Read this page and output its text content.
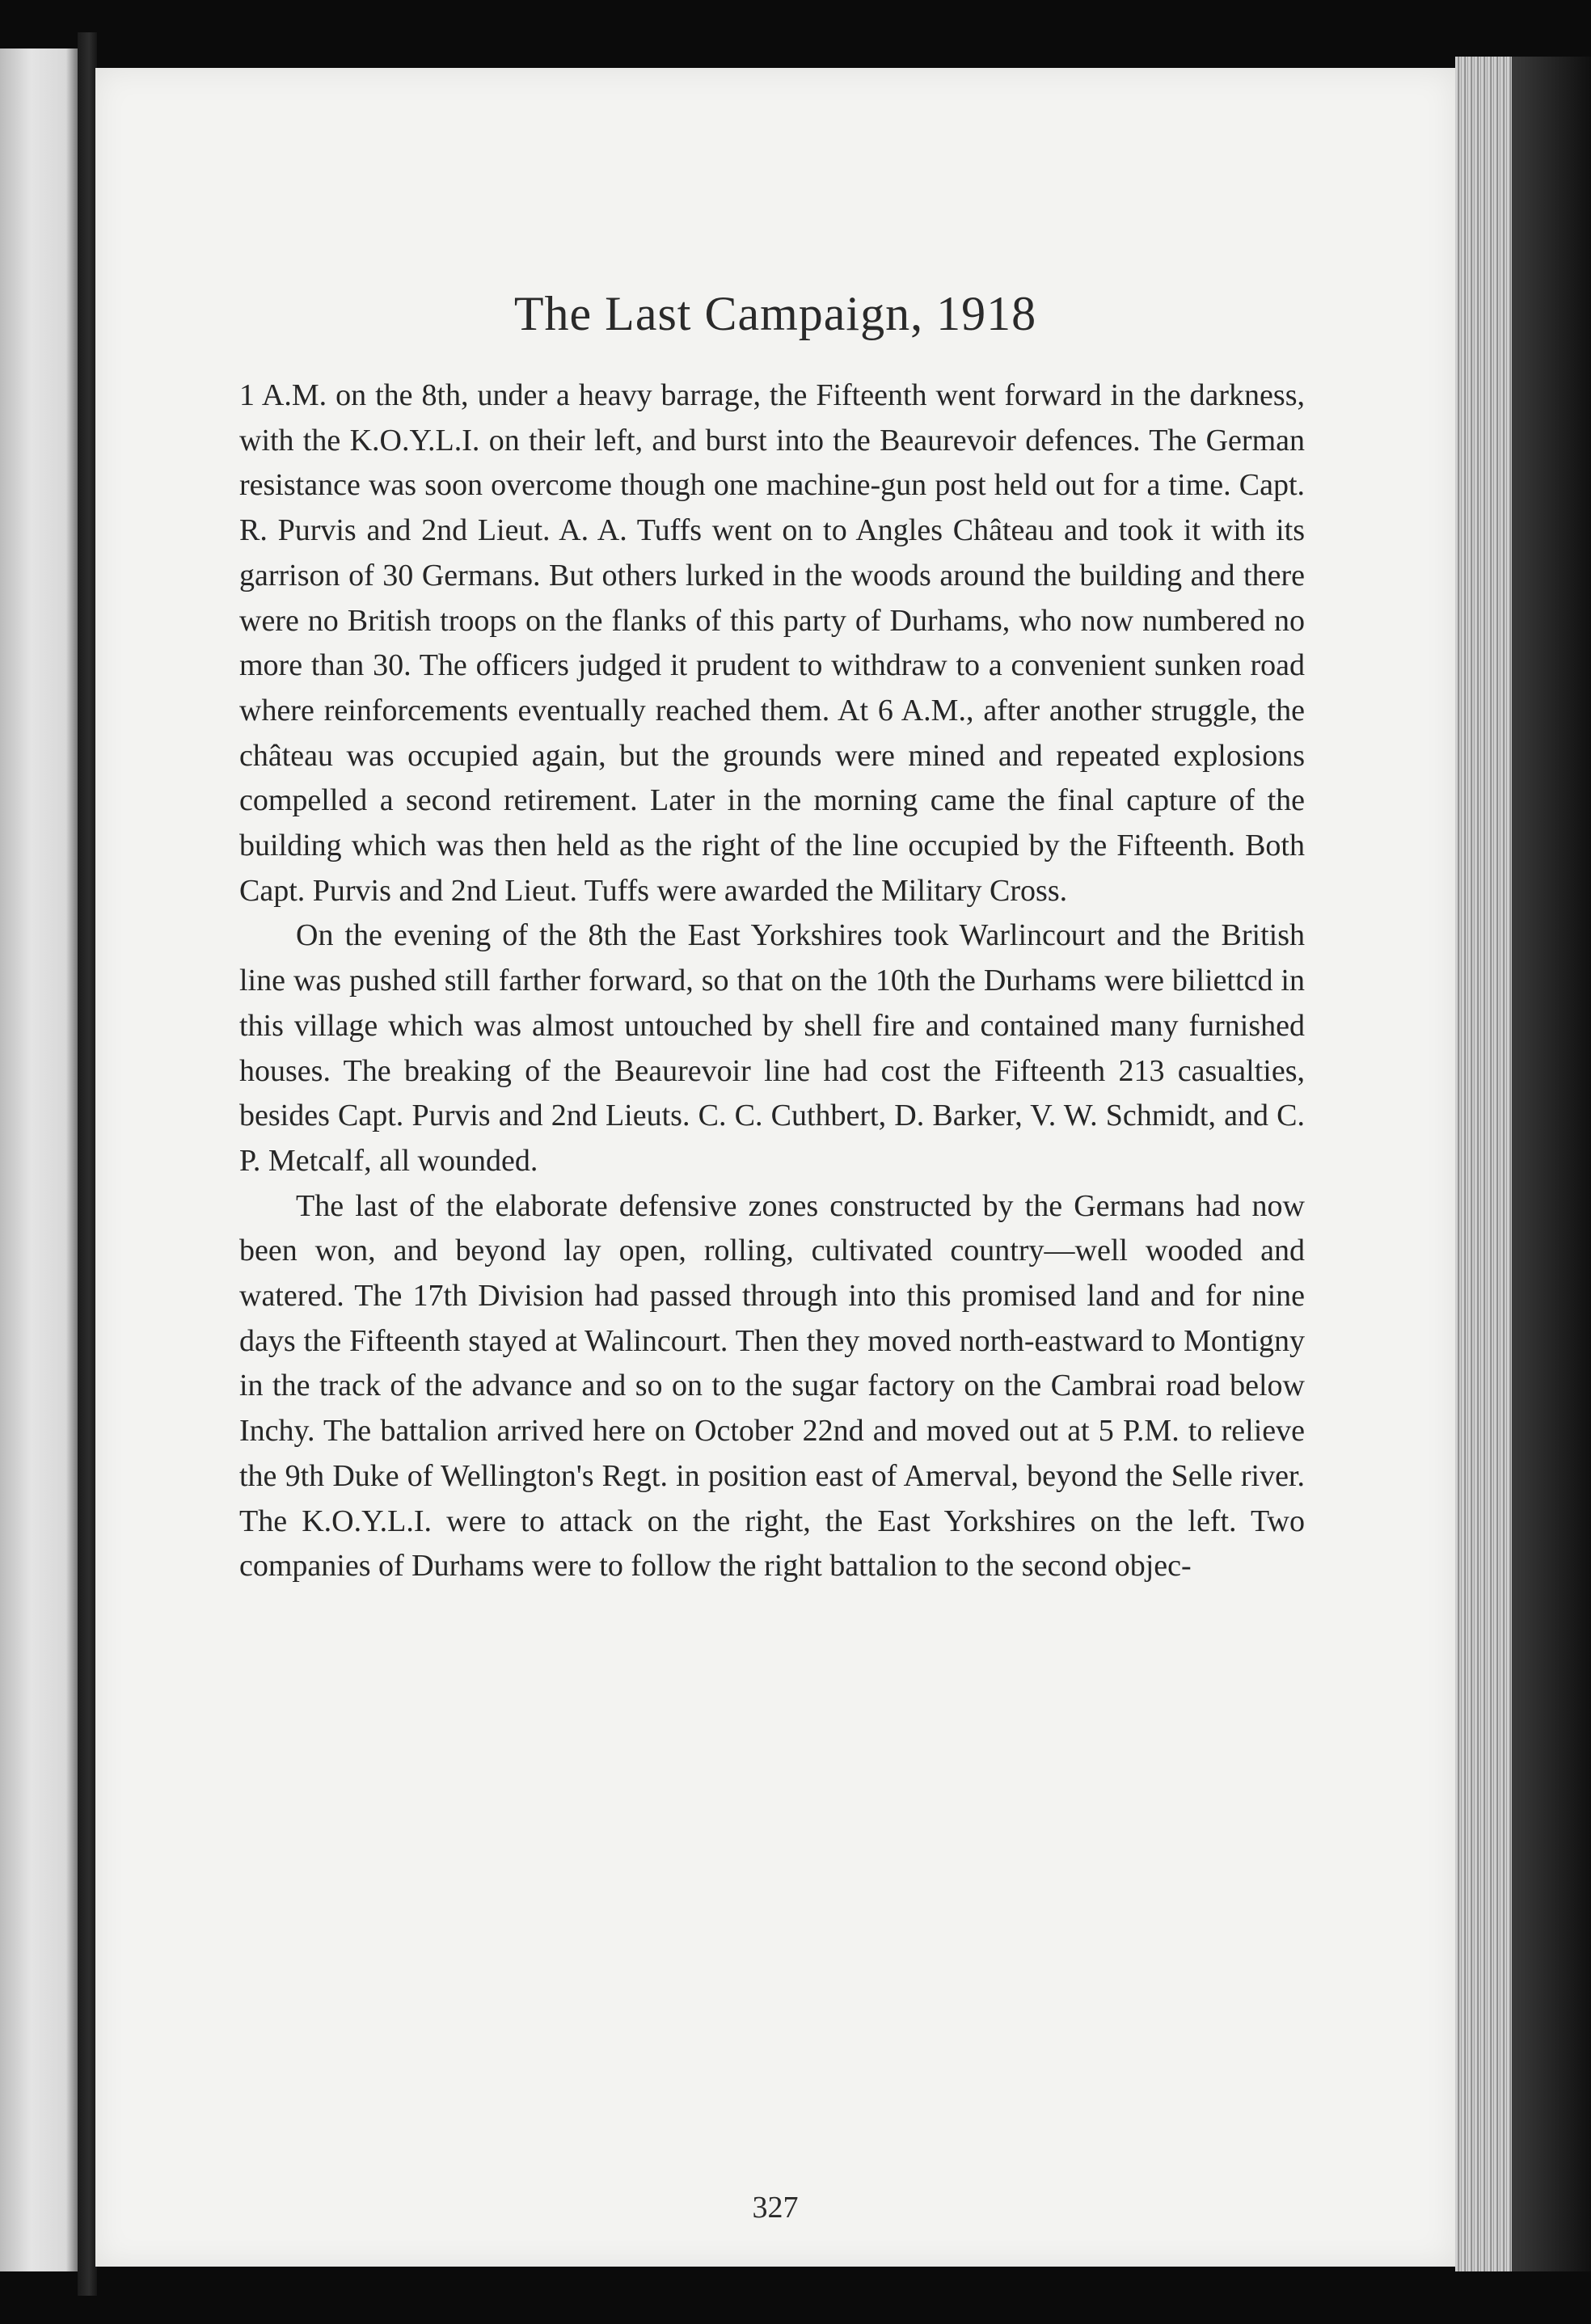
The Last Campaign, 1918

1 A.M. on the 8th, under a heavy barrage, the Fifteenth went forward in the darkness, with the K.O.Y.L.I. on their left, and burst into the Beaurevoir defences. The German resistance was soon overcome though one machine-gun post held out for a time. Capt. R. Purvis and 2nd Lieut. A. A. Tuffs went on to Angles Château and took it with its garrison of 30 Germans. But others lurked in the woods around the building and there were no British troops on the flanks of this party of Durhams, who now numbered no more than 30. The officers judged it prudent to withdraw to a convenient sunken road where reinforcements eventually reached them. At 6 A.M., after another struggle, the château was occupied again, but the grounds were mined and repeated explosions compelled a second retirement. Later in the morning came the final capture of the building which was then held as the right of the line occupied by the Fifteenth. Both Capt. Purvis and 2nd Lieut. Tuffs were awarded the Military Cross.

On the evening of the 8th the East Yorkshires took Warlincourt and the British line was pushed still farther forward, so that on the 10th the Durhams were biliettcd in this village which was almost untouched by shell fire and contained many furnished houses. The breaking of the Beaurevoir line had cost the Fifteenth 213 casualties, besides Capt. Purvis and 2nd Lieuts. C. C. Cuthbert, D. Barker, V. W. Schmidt, and C. P. Metcalf, all wounded.

The last of the elaborate defensive zones constructed by the Germans had now been won, and beyond lay open, rolling, cultivated country—well wooded and watered. The 17th Division had passed through into this promised land and for nine days the Fifteenth stayed at Walincourt. Then they moved north-eastward to Montigny in the track of the advance and so on to the sugar factory on the Cambrai road below Inchy. The battalion arrived here on October 22nd and moved out at 5 P.M. to relieve the 9th Duke of Wellington's Regt. in position east of Amerval, beyond the Selle river. The K.O.Y.L.I. were to attack on the right, the East Yorkshires on the left. Two companies of Durhams were to follow the right battalion to the second objec-

327
